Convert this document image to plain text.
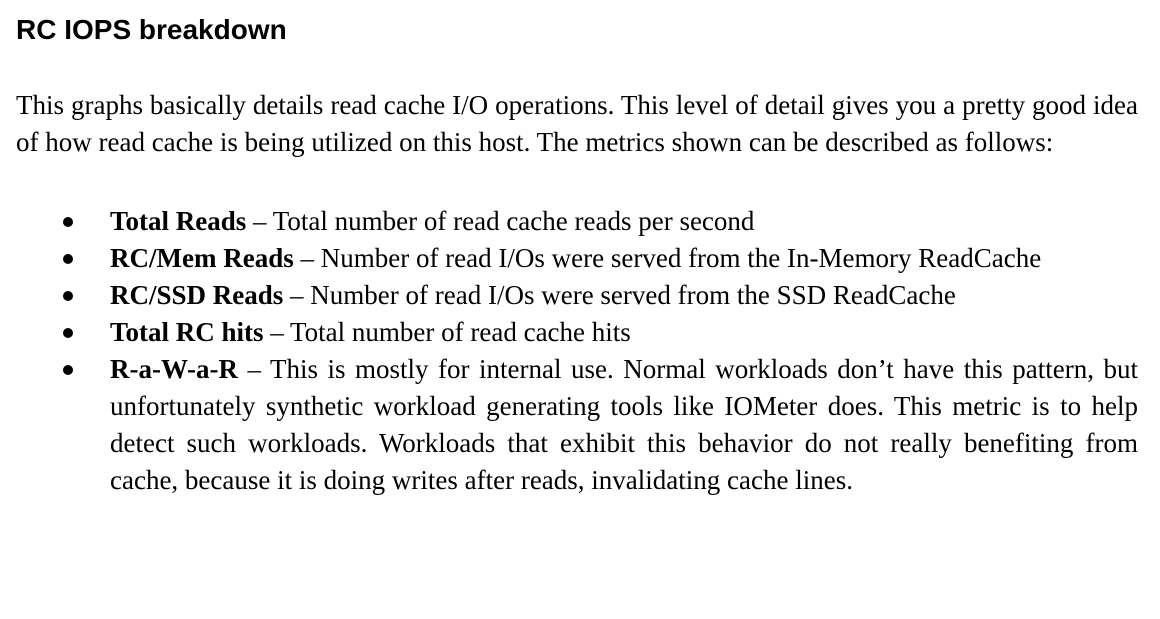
RC IOPS breakdown

This graphs basically details read cache I/O operations. This level of detail gives you a pretty good idea of how read cache is being utilized on this host. The metrics shown can be described as follows:

Total Reads – Total number of read cache reads per second
RC/Mem Reads – Number of read I/Os were served from the In-Memory ReadCache
RC/SSD Reads – Number of read I/Os were served from the SSD ReadCache
Total RC hits – Total number of read cache hits
R-a-W-a-R – This is mostly for internal use. Normal workloads don’t have this pattern, but unfortunately synthetic workload generating tools like IOMeter does. This metric is to help detect such workloads. Workloads that exhibit this behavior do not really benefiting from cache, because it is doing writes after reads, invalidating cache lines.
